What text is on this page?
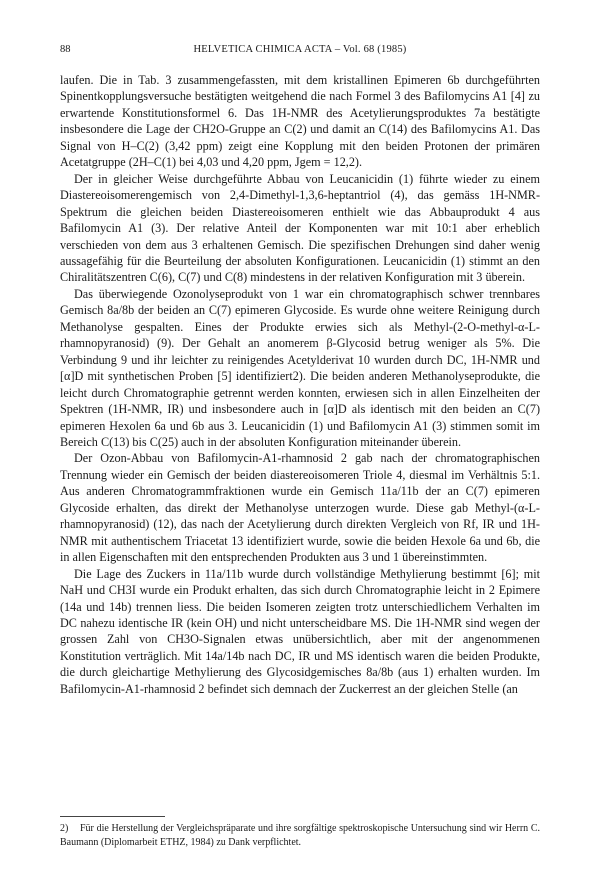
88	HELVETICA CHIMICA ACTA – Vol. 68 (1985)

laufen. Die in Tab. 3 zusammengefassten, mit dem kristallinen Epimeren 6b durchgeführten Spinentkopplungsversuche bestätigten weitgehend die nach Formel 3 des Bafilomycins A1 [4] zu erwartende Konstitutionsformel 6. Das 1H-NMR des Acetylierungsproduktes 7a bestätigte insbesondere die Lage der CH2O-Gruppe an C(2) und damit an C(14) des Bafilomycins A1. Das Signal von H–C(2) (3,42 ppm) zeigt eine Kopplung mit den beiden Protonen der primären Acetatgruppe (2H–C(1) bei 4,03 und 4,20 ppm, Jgem = 12,2).

Der in gleicher Weise durchgeführte Abbau von Leucanicidin (1) führte wieder zu einem Diastereoisomerengemisch von 2,4-Dimethyl-1,3,6-heptantriol (4), das gemäss 1H-NMR-Spektrum die gleichen beiden Diastereoisomeren enthielt wie das Abbauprodukt 4 aus Bafilomycin A1 (3). Der relative Anteil der Komponenten war mit 10:1 aber erheblich verschieden von dem aus 3 erhaltenen Gemisch. Die spezifischen Drehungen sind daher wenig aussagefähig für die Beurteilung der absoluten Konfigurationen. Leucanicidin (1) stimmt an den Chiralitätszentren C(6), C(7) und C(8) mindestens in der relativen Konfiguration mit 3 überein.

Das überwiegende Ozonolyseprodukt von 1 war ein chromatographisch schwer trennbares Gemisch 8a/8b der beiden an C(7) epimeren Glycoside. Es wurde ohne weitere Reinigung durch Methanolyse gespalten. Eines der Produkte erwies sich als Methyl-(2-O-methyl-α-L-rhamnopyranosid) (9). Der Gehalt an anomerem β-Glycosid betrug weniger als 5%. Die Verbindung 9 und ihr leichter zu reinigendes Acetylderivat 10 wurden durch DC, 1H-NMR und [α]D mit synthetischen Proben [5] identifiziert2). Die beiden anderen Methanolyseprodukte, die leicht durch Chromatographie getrennt werden konnten, erwiesen sich in allen Einzelheiten der Spektren (1H-NMR, IR) und insbesondere auch in [α]D als identisch mit den beiden an C(7) epimeren Hexolen 6a und 6b aus 3. Leucanicidin (1) und Bafilomycin A1 (3) stimmen somit im Bereich C(13) bis C(25) auch in der absoluten Konfiguration miteinander überein.

Der Ozon-Abbau von Bafilomycin-A1-rhamnosid 2 gab nach der chromatographischen Trennung wieder ein Gemisch der beiden diastereoisomeren Triole 4, diesmal im Verhältnis 5:1. Aus anderen Chromatogrammfraktionen wurde ein Gemisch 11a/11b der an C(7) epimeren Glycoside erhalten, das direkt der Methanolyse unterzogen wurde. Diese gab Methyl-(α-L-rhamnopyranosid) (12), das nach der Acetylierung durch direkten Vergleich von Rf, IR und 1H-NMR mit authentischem Triacetat 13 identifiziert wurde, sowie die beiden Hexole 6a und 6b, die in allen Eigenschaften mit den entsprechenden Produkten aus 3 und 1 übereinstimmten.

Die Lage des Zuckers in 11a/11b wurde durch vollständige Methylierung bestimmt [6]; mit NaH und CH3I wurde ein Produkt erhalten, das sich durch Chromatographie leicht in 2 Epimere (14a und 14b) trennen liess. Die beiden Isomeren zeigten trotz unterschiedlichem Verhalten im DC nahezu identische IR (kein OH) und nicht unterscheidbare MS. Die 1H-NMR sind wegen der grossen Zahl von CH3O-Signalen etwas unübersichtlich, aber mit der angenommenen Konstitution verträglich. Mit 14a/14b nach DC, IR und MS identisch waren die beiden Produkte, die durch gleichartige Methylierung des Glycosidgemisches 8a/8b (aus 1) erhalten wurden. Im Bafilomycin-A1-rhamnosid 2 befindet sich demnach der Zuckerrest an der gleichen Stelle (an

2) Für die Herstellung der Vergleichspräparate und ihre sorgfältige spektroskopische Untersuchung sind wir Herrn C. Baumann (Diplomarbeit ETHZ, 1984) zu Dank verpflichtet.
